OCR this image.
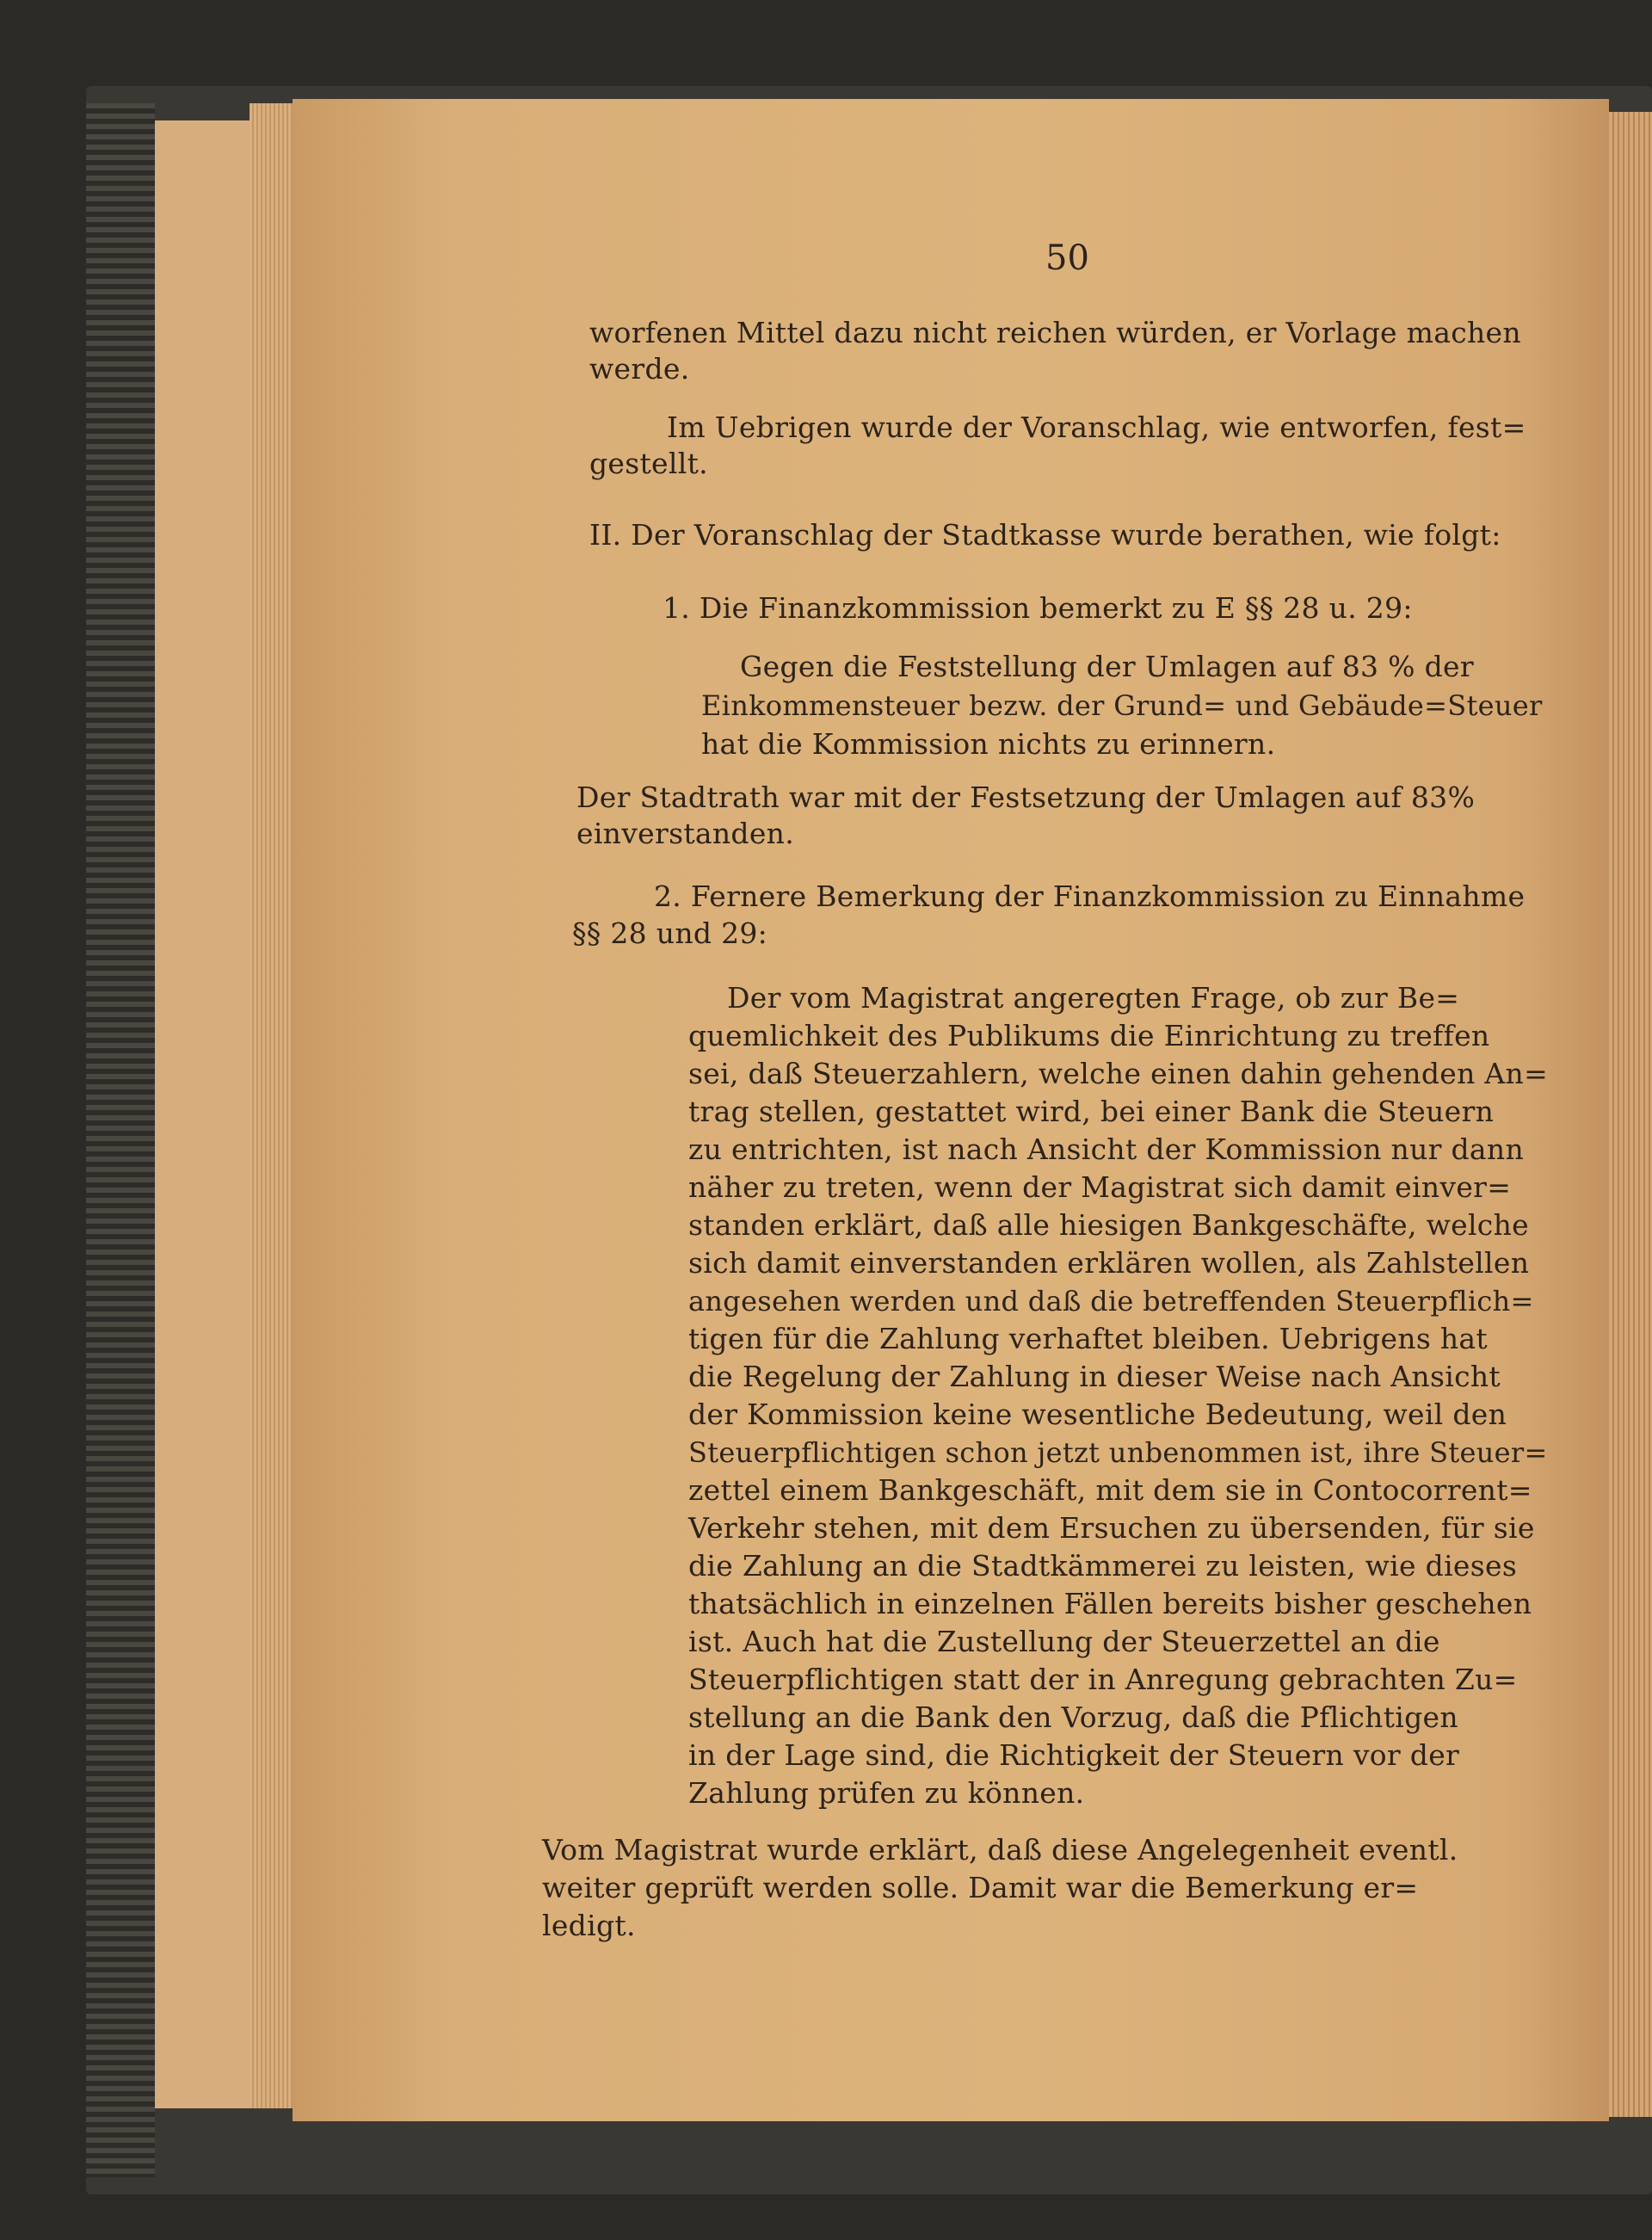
50

worfenen Mittel dazu nicht reichen würden, er Vorlage machen

werde.

Im Uebrigen wurde der Voranschlag, wie entworfen, fest=

gestellt.

II. Der Voranschlag der Stadtkasse wurde berathen, wie folgt:

1. Die Finanzkommission bemerkt zu E §§ 28 u. 29:

Gegen die Feststellung der Umlagen auf 83 % der

Einkommensteuer bezw. der Grund= und Gebäude=Steuer

hat die Kommission nichts zu erinnern.

Der Stadtrath war mit der Festsetzung der Umlagen auf 83%

einverstanden.

2. Fernere Bemerkung der Finanzkommission zu Einnahme

§§ 28 und 29:

Der vom Magistrat angeregten Frage, ob zur Be=

quemlichkeit des Publikums die Einrichtung zu treffen

sei, daß Steuerzahlern, welche einen dahin gehenden An=

trag stellen, gestattet wird, bei einer Bank die Steuern

zu entrichten, ist nach Ansicht der Kommission nur dann

näher zu treten, wenn der Magistrat sich damit einver=

standen erklärt, daß alle hiesigen Bankgeschäfte, welche

sich damit einverstanden erklären wollen, als Zahlstellen

angesehen werden und daß die betreffenden Steuerpflich=

tigen für die Zahlung verhaftet bleiben. Uebrigens hat

die Regelung der Zahlung in dieser Weise nach Ansicht

der Kommission keine wesentliche Bedeutung, weil den

Steuerpflichtigen schon jetzt unbenommen ist, ihre Steuer=

zettel einem Bankgeschäft, mit dem sie in Contocorrent=

Verkehr stehen, mit dem Ersuchen zu übersenden, für sie

die Zahlung an die Stadtkämmerei zu leisten, wie dieses

thatsächlich in einzelnen Fällen bereits bisher geschehen

ist. Auch hat die Zustellung der Steuerzettel an die

Steuerpflichtigen statt der in Anregung gebrachten Zu=

stellung an die Bank den Vorzug, daß die Pflichtigen

in der Lage sind, die Richtigkeit der Steuern vor der

Zahlung prüfen zu können.

Vom Magistrat wurde erklärt, daß diese Angelegenheit eventl.

weiter geprüft werden solle. Damit war die Bemerkung er=

ledigt.
